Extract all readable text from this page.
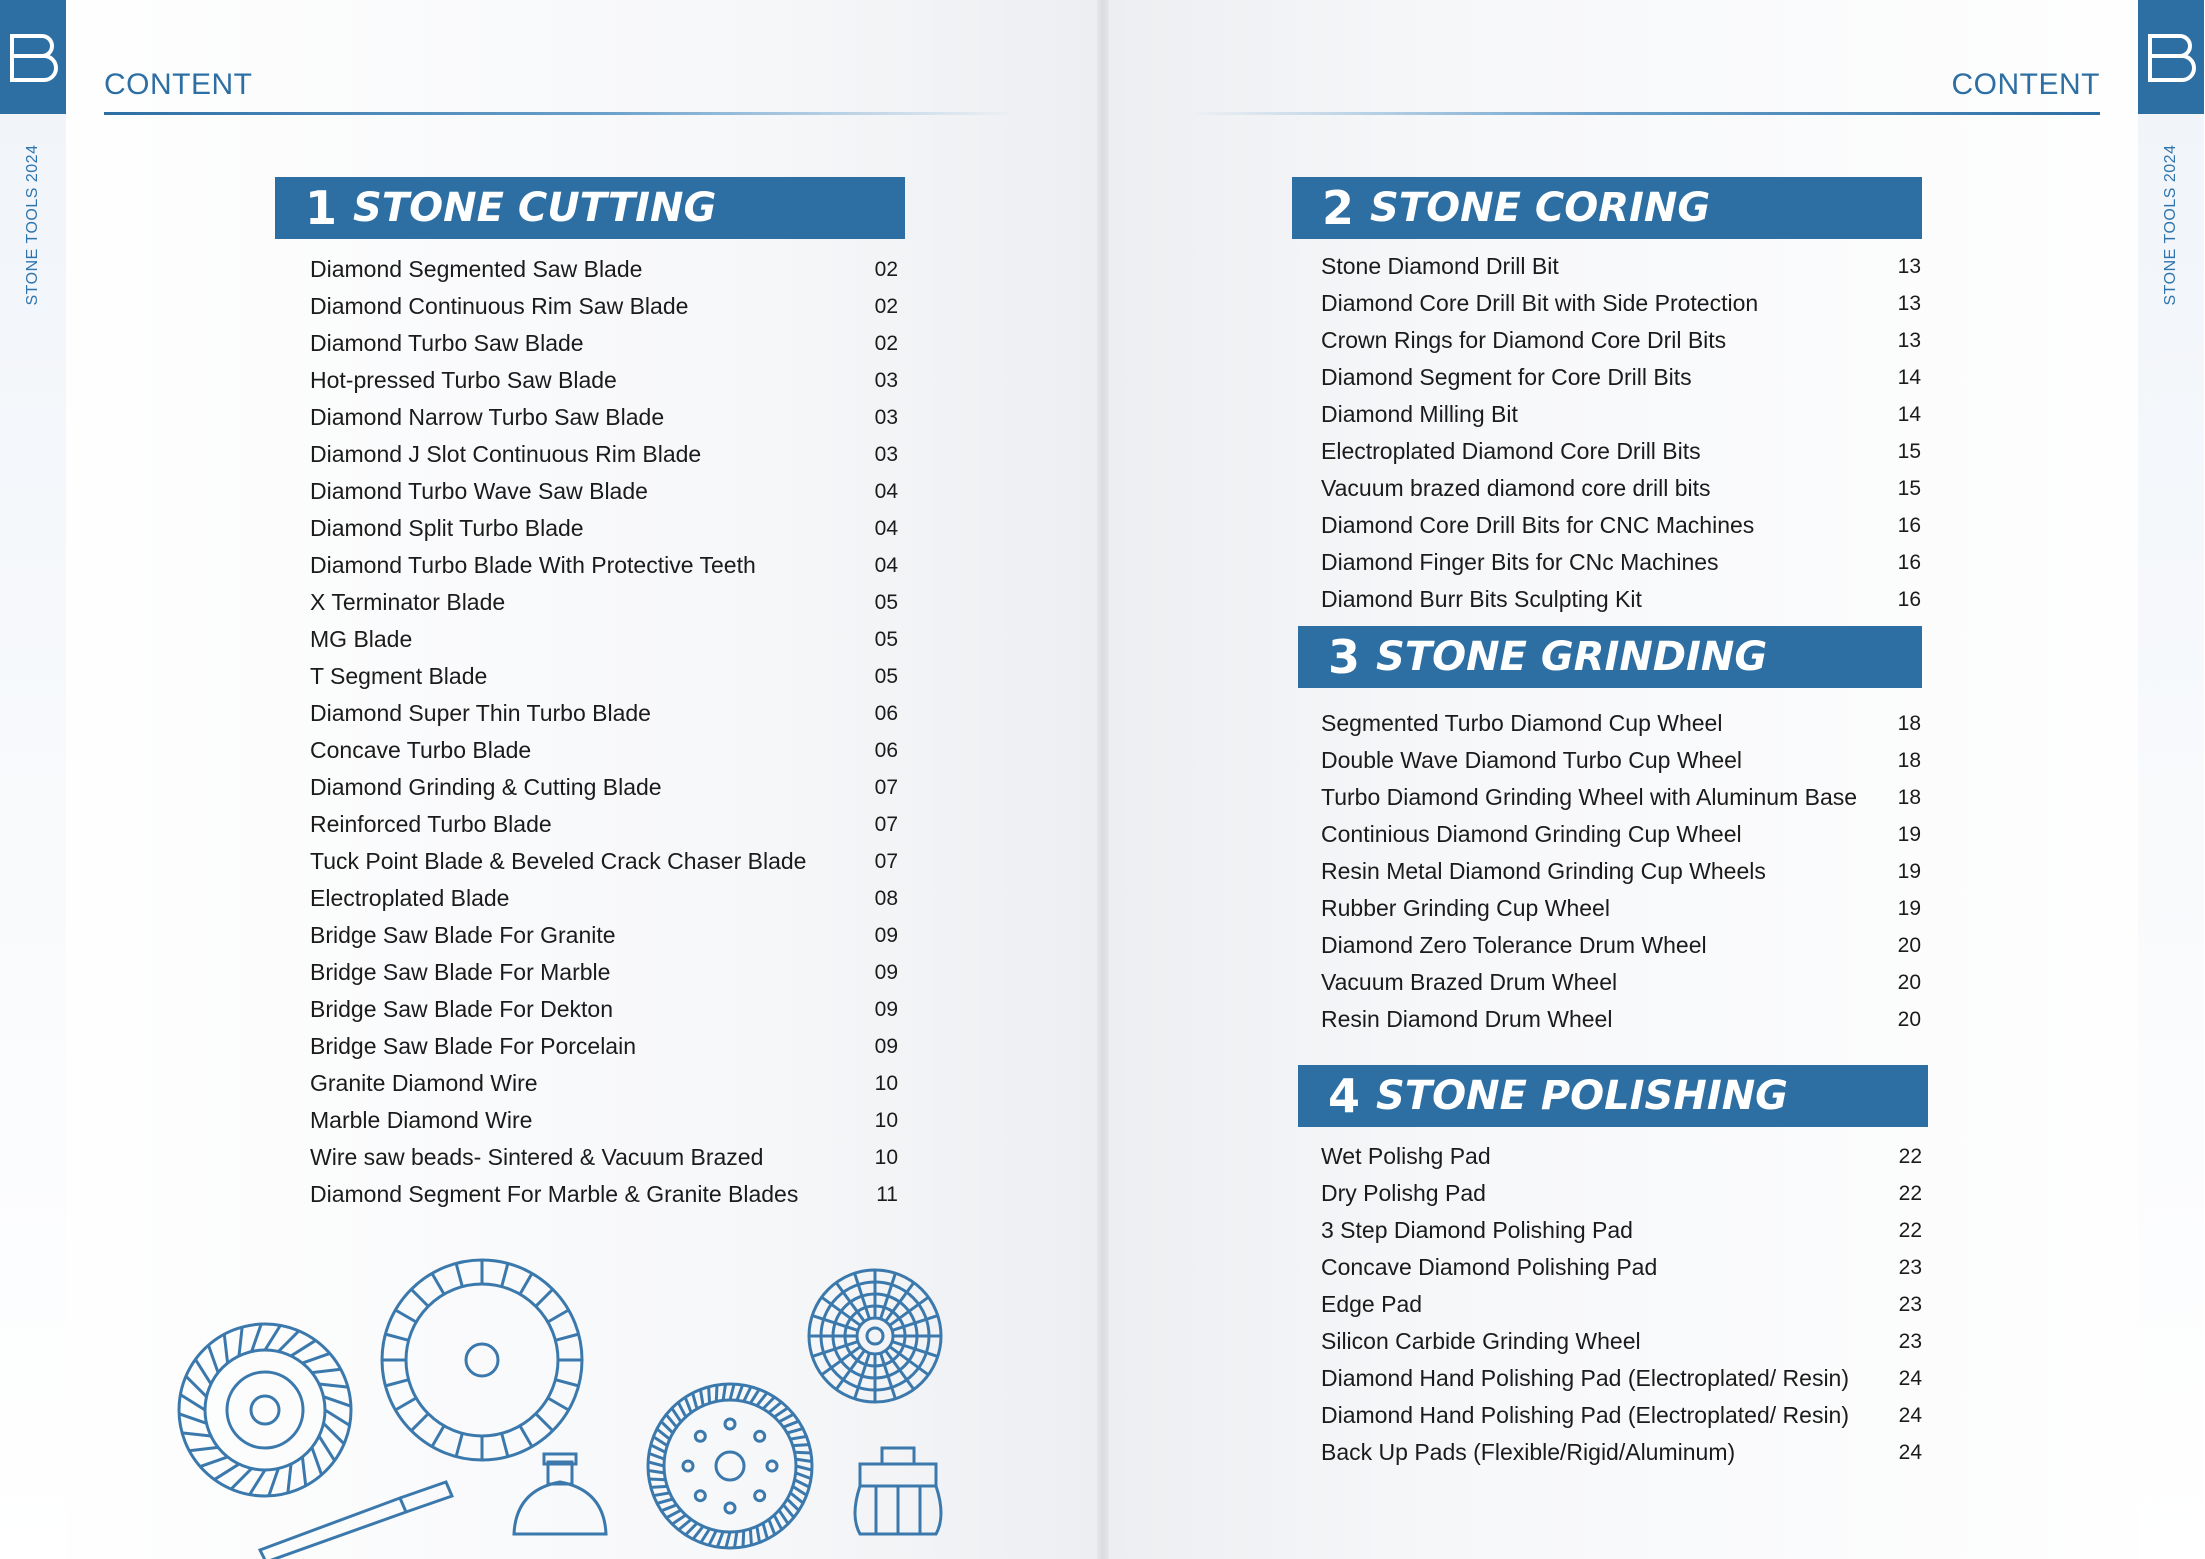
STONE TOOLS 2024
CONTENT
1 STONE CUTTING
Diamond Segmented Saw Blade	02
Diamond Continuous Rim Saw Blade	02
Diamond Turbo Saw Blade	02
Hot-pressed Turbo Saw Blade	03
Diamond Narrow Turbo Saw Blade	03
Diamond J Slot Continuous Rim Blade	03
Diamond Turbo Wave Saw Blade	04
Diamond Split Turbo Blade	04
Diamond Turbo Blade With Protective Teeth	04
X Terminator Blade	05
MG Blade	05
T Segment Blade	05
Diamond Super Thin Turbo Blade	06
Concave Turbo Blade	06
Diamond Grinding & Cutting Blade	07
Reinforced Turbo Blade	07
Tuck Point Blade & Beveled Crack Chaser Blade	07
Electroplated Blade	08
Bridge Saw Blade For Granite	09
Bridge Saw Blade For Marble	09
Bridge Saw Blade For Dekton	09
Bridge Saw Blade For Porcelain	09
Granite Diamond Wire	10
Marble Diamond Wire	10
Wire saw beads- Sintered & Vacuum Brazed	10
Diamond Segment For Marble & Granite Blades	11
STONE TOOLS 2024
CONTENT
2 STONE CORING
Stone Diamond Drill Bit	13
Diamond Core Drill Bit with Side Protection	13
Crown Rings for Diamond Core Dril Bits	13
Diamond Segment for Core Drill Bits	14
Diamond Milling Bit	14
Electroplated Diamond Core Drill Bits	15
Vacuum brazed diamond core drill bits	15
Diamond Core Drill Bits for CNC Machines	16
Diamond Finger Bits for CNc Machines	16
Diamond Burr Bits Sculpting Kit	16
3 STONE GRINDING
Segmented Turbo Diamond Cup Wheel	18
Double Wave Diamond Turbo Cup Wheel	18
Turbo Diamond Grinding Wheel with Aluminum Base 18
Continious Diamond Grinding Cup Wheel	19
Resin Metal Diamond Grinding Cup Wheels	19
Rubber Grinding Cup Wheel	19
Diamond Zero Tolerance Drum Wheel	20
Vacuum Brazed Drum Wheel	20
Resin Diamond Drum Wheel	20
4 STONE POLISHING
Wet Polishg Pad	22
Dry Polishg Pad	22
3 Step Diamond Polishing Pad	22
Concave Diamond Polishing Pad	23
Edge Pad	23
Silicon Carbide Grinding Wheel	23
Diamond Hand Polishing Pad (Electroplated/ Resin) 24
Diamond Hand Polishing Pad (Electroplated/ Resin) 24
Back Up Pads (Flexible/Rigid/Aluminum)	24
